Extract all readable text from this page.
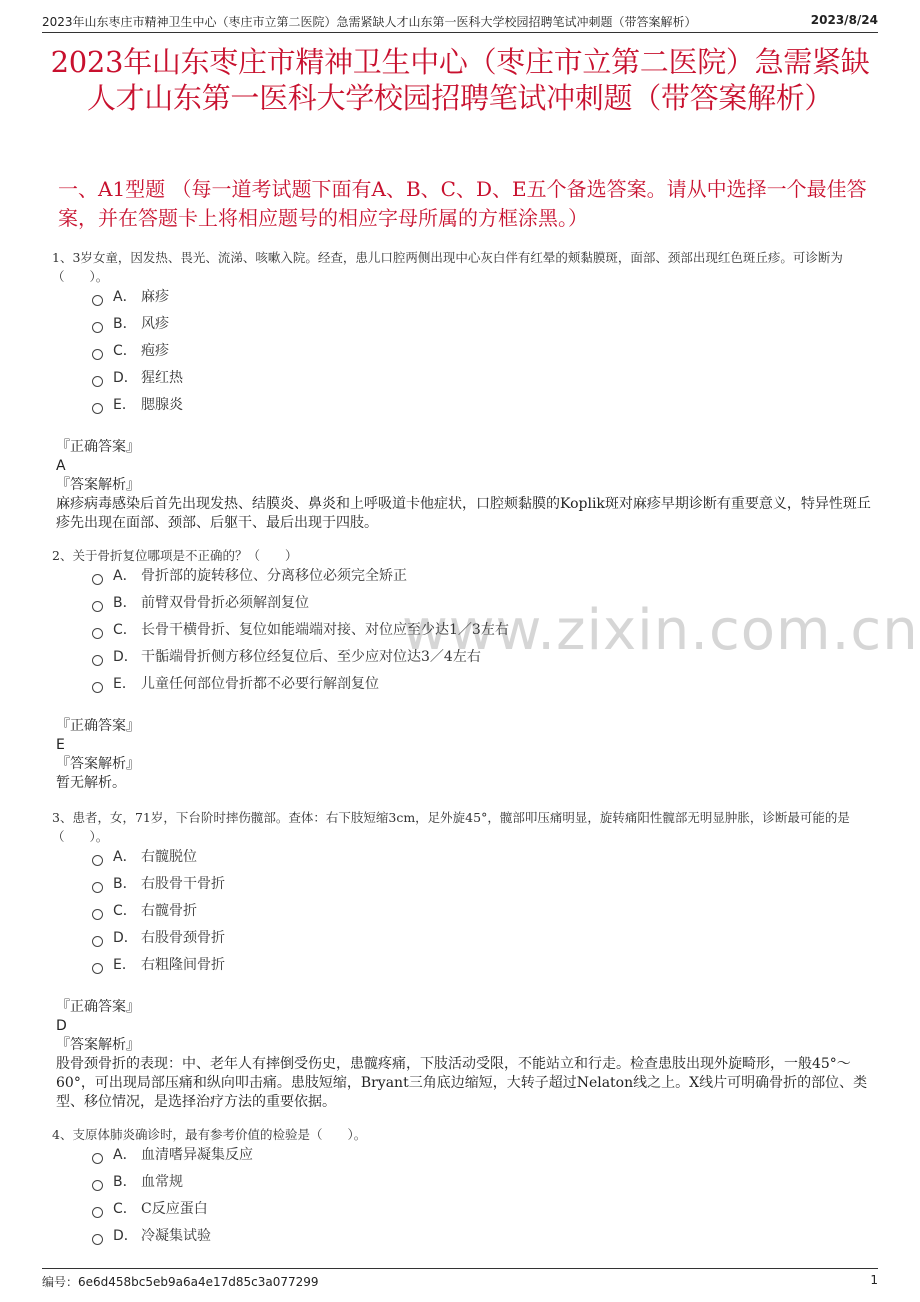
2023年山东枣庄市精神卫生中心（枣庄市立第二医院）急需紧缺人才山东第一医科大学校园招聘笔试冲刺题（带答案解析）	2023/8/24
2023年山东枣庄市精神卫生中心（枣庄市立第二医院）急需紧缺人才山东第一医科大学校园招聘笔试冲刺题（带答案解析）
一、A1型题 （每一道考试题下面有A、B、C、D、E五个备选答案。请从中选择一个最佳答案，并在答题卡上将相应题号的相应字母所属的方框涂黑。）
www.zixin.com.cn

1、3岁女童，因发热、畏光、流涕、咳嗽入院。经查，患儿口腔两侧出现中心灰白伴有红晕的颊黏膜斑，面部、颈部出现红色斑丘疹。可诊断为（　　）。

A． 麻疹
B． 风疹
C． 疱疹
D． 猩红热
E． 腮腺炎
『正确答案』
A
『答案解析』
麻疹病毒感染后首先出现发热、结膜炎、鼻炎和上呼吸道卡他症状，口腔颊黏膜的Koplik斑对麻疹早期诊断有重要意义，特异性斑丘疹先出现在面部、颈部、后躯干、最后出现于四肢。

2、关于骨折复位哪项是不正确的？（　　）

A． 骨折部的旋转移位、分离移位必须完全矫正
B． 前臂双骨骨折必须解剖复位
C． 长骨干横骨折、复位如能端端对接、对位应至少达1／3左右
D． 干骺端骨折侧方移位经复位后、至少应对位达3／4左右
E． 儿童任何部位骨折都不必要行解剖复位
『正确答案』
E
『答案解析』
暂无解析。

3、患者，女，71岁，下台阶时摔伤髋部。查体：右下肢短缩3cm，足外旋45°，髋部叩压痛明显，旋转痛阳性髋部无明显肿胀，诊断最可能的是（　　）。

A． 右髋脱位
B． 右股骨干骨折
C． 右髋骨折
D． 右股骨颈骨折
E． 右粗隆间骨折
『正确答案』
D
『答案解析』
股骨颈骨折的表现：中、老年人有摔倒受伤史，患髋疼痛，下肢活动受限，不能站立和行走。检查患肢出现外旋畸形，一般45°～60°，可出现局部压痛和纵向叩击痛。患肢短缩，Bryant三角底边缩短，大转子超过Nelaton线之上。X线片可明确骨折的部位、类型、移位情况，是选择治疗方法的重要依据。

4、支原体肺炎确诊时，最有参考价值的检验是（　　）。

A． 血清嗜异凝集反应
B． 血常规
C． C反应蛋白
D． 冷凝集试验
编号：6e6d458bc5eb9a6a4e17d85c3a077299	1
